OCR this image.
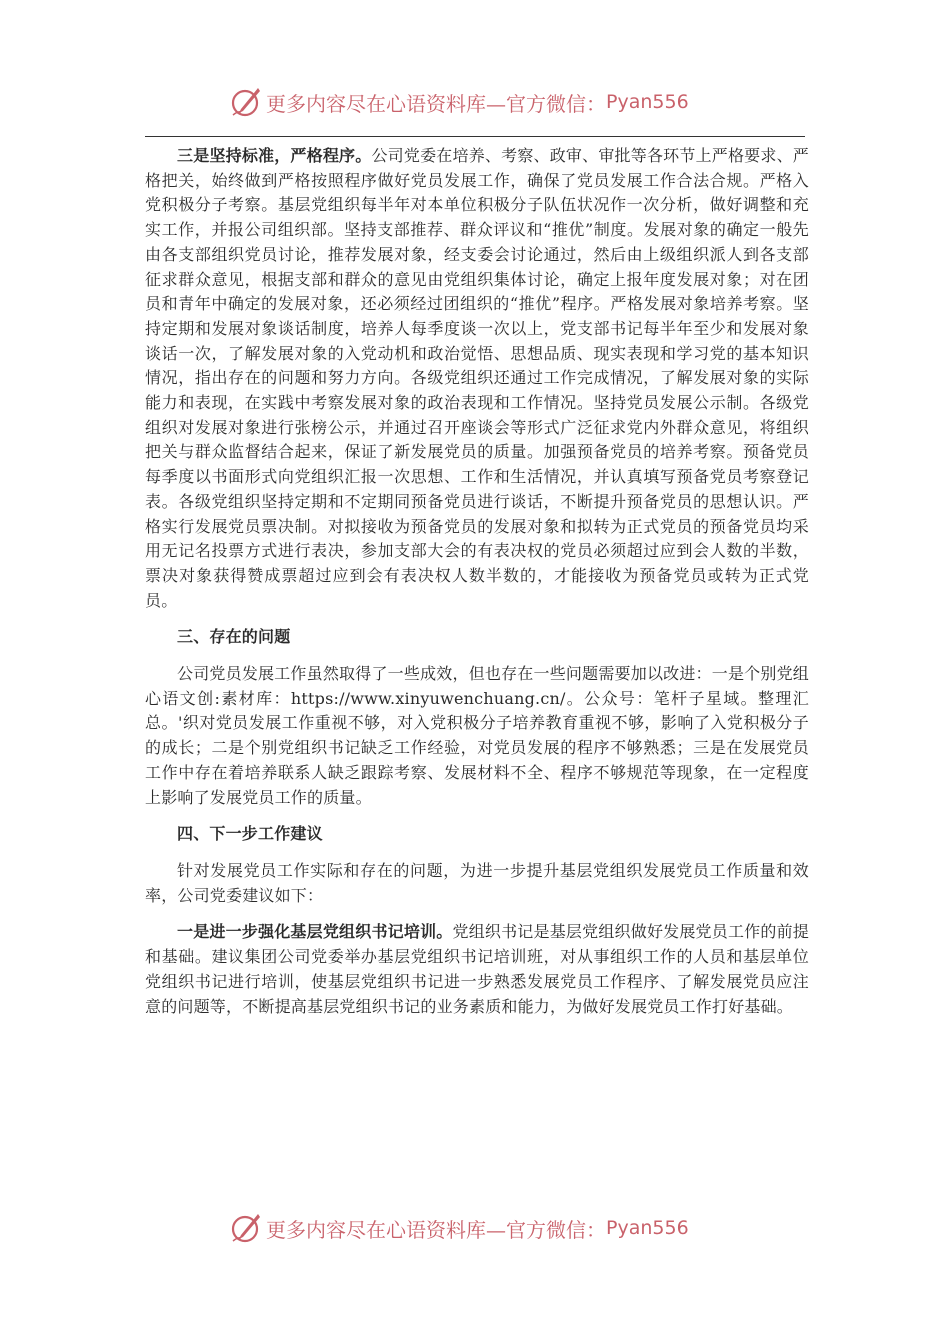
更多内容尽在心语资料库—官方微信： Pyan556

三是坚持标准，严格程序。公司党委在培养、考察、政审、审批等各环节上严格要求、严格把关，始终做到严格按照程序做好党员发展工作，确保了党员发展工作合法合规。严格入党积极分子考察。基层党组织每半年对本单位积极分子队伍状况作一次分析，做好调整和充实工作，并报公司组织部。坚持支部推荐、群众评议和“推优”制度。发展对象的确定一般先由各支部组织党员讨论，推荐发展对象，经支委会讨论通过，然后由上级组织派人到各支部征求群众意见，根据支部和群众的意见由党组织集体讨论，确定上报年度发展对象；对在团员和青年中确定的发展对象，还必须经过团组织的“推优”程序。严格发展对象培养考察。坚持定期和发展对象谈话制度，培养人每季度谈一次以上，党支部书记每半年至少和发展对象谈话一次，了解发展对象的入党动机和政治觉悟、思想品质、现实表现和学习党的基本知识情况，指出存在的问题和努力方向。各级党组织还通过工作完成情况，了解发展对象的实际能力和表现，在实践中考察发展对象的政治表现和工作情况。坚持党员发展公示制。各级党组织对发展对象进行张榜公示，并通过召开座谈会等形式广泛征求党内外群众意见，将组织把关与群众监督结合起来，保证了新发展党员的质量。加强预备党员的培养考察。预备党员每季度以书面形式向党组织汇报一次思想、工作和生活情况，并认真填写预备党员考察登记表。各级党组织坚持定期和不定期同预备党员进行谈话，不断提升预备党员的思想认识。严格实行发展党员票决制。对拟接收为预备党员的发展对象和拟转为正式党员的预备党员均采用无记名投票方式进行表决，参加支部大会的有表决权的党员必须超过应到会人数的半数，票决对象获得赞成票超过应到会有表决权人数半数的，才能接收为预备党员或转为正式党员。

三、存在的问题

公司党员发展工作虽然取得了一些成效，但也存在一些问题需要加以改进：一是个别党组心语文创:素材库：https://www.xinyuwenchuang.cn/。公众号：笔杆子星域。整理汇总。'织对党员发展工作重视不够，对入党积极分子培养教育重视不够，影响了入党积极分子的成长；二是个别党组织书记缺乏工作经验，对党员发展的程序不够熟悉；三是在发展党员工作中存在着培养联系人缺乏跟踪考察、发展材料不全、程序不够规范等现象，在一定程度上影响了发展党员工作的质量。

四、下一步工作建议

针对发展党员工作实际和存在的问题，为进一步提升基层党组织发展党员工作质量和效率，公司党委建议如下：

一是进一步强化基层党组织书记培训。党组织书记是基层党组织做好发展党员工作的前提和基础。建议集团公司党委举办基层党组织书记培训班，对从事组织工作的人员和基层单位党组织书记进行培训，使基层党组织书记进一步熟悉发展党员工作程序、了解发展党员应注意的问题等，不断提高基层党组织书记的业务素质和能力，为做好发展党员工作打好基础。

更多内容尽在心语资料库—官方微信： Pyan556
